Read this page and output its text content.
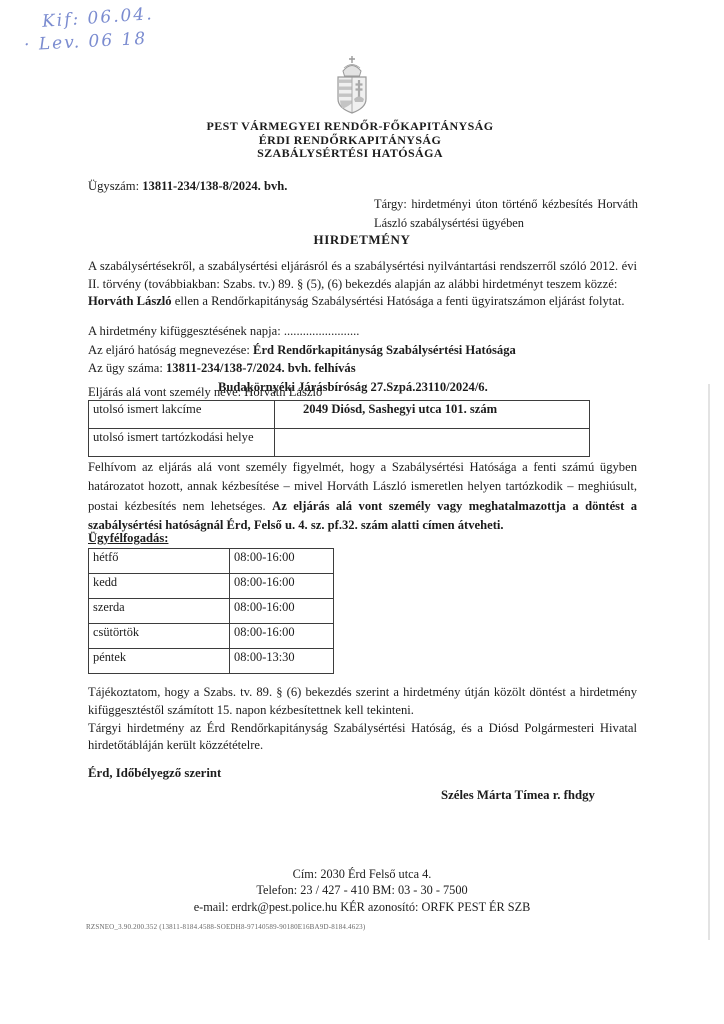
Kif: 06.04.
· Lev. 06 18
PEST VÁRMEGYEI RENDŐR-FŐKAPITÁNYSÁG
ÉRDI RENDŐRKAPITÁNYSÁG
SZABÁLYSÉRTÉSI HATÓSÁGA
Ügyszám: 13811-234/138-8/2024. bvh.
Tárgy: hirdetményi úton történő kézbesítés Horváth László szabálysértési ügyében
HIRDETMÉNY
A szabálysértésekről, a szabálysértési eljárásról és a szabálysértési nyilvántartási rendszerről szóló 2012. évi II. törvény (továbbiakban: Szabs. tv.) 89. § (5), (6) bekezdés alapján az alábbi hirdetményt teszem közzé:
Horváth László ellen a Rendőrkapitányság Szabálysértési Hatósága a fenti ügyiratszámon eljárást folytat.
A hirdetmény kifüggesztésének napja: ........................
Az eljáró hatóság megnevezése: Érd Rendőrkapitányság Szabálysértési Hatósága
Az ügy száma: 13811-234/138-7/2024. bvh. felhívás
Budakörnyéki Járásbíróság 27.Szpá.23110/2024/6.
Eljárás alá vont személy neve: Horváth László
utolsó ismert lakcíme	2049 Diósd, Sashegyi utca 101. szám
utolsó ismert tartózkodási helye	
Felhívom az eljárás alá vont személy figyelmét, hogy a Szabálysértési Hatósága a fenti számú ügyben határozatot hozott, annak kézbesítése – mivel Horváth László ismeretlen helyen tartózkodik – meghiúsult, postai kézbesítés nem lehetséges. Az eljárás alá vont személy vagy meghatalmazottja a döntést a szabálysértési hatóságnál Érd, Felső u. 4. sz. pf.32. szám alatti címen átveheti.
Ügyfélfogadás:
hétfő	08:00-16:00
kedd	08:00-16:00
szerda	08:00-16:00
csütörtök	08:00-16:00
péntek	08:00-13:30
Tájékoztatom, hogy a Szabs. tv. 89. § (6) bekezdés szerint a hirdetmény útján közölt döntést a hirdetmény kifüggesztéstől számított 15. napon kézbesítettnek kell tekinteni.
Tárgyi hirdetmény az Érd Rendőrkapitányság Szabálysértési Hatóság, és a Diósd Polgármesteri Hivatal hirdetőtábláján került közzétételre.
Érd, Időbélyegző szerint
Széles Márta Tímea r. fhdgy
Cím: 2030 Érd Felső utca 4.
Telefon: 23 / 427 - 410 BM: 03 - 30 - 7500
e-mail: erdrk@pest.police.hu KÉR azonosító: ORFK PEST ÉR SZB
RZSNEO_3.90.200.352 (13811-8184.4588-SOEDH8-97140589-90180E16BA9D-8184.4623)
